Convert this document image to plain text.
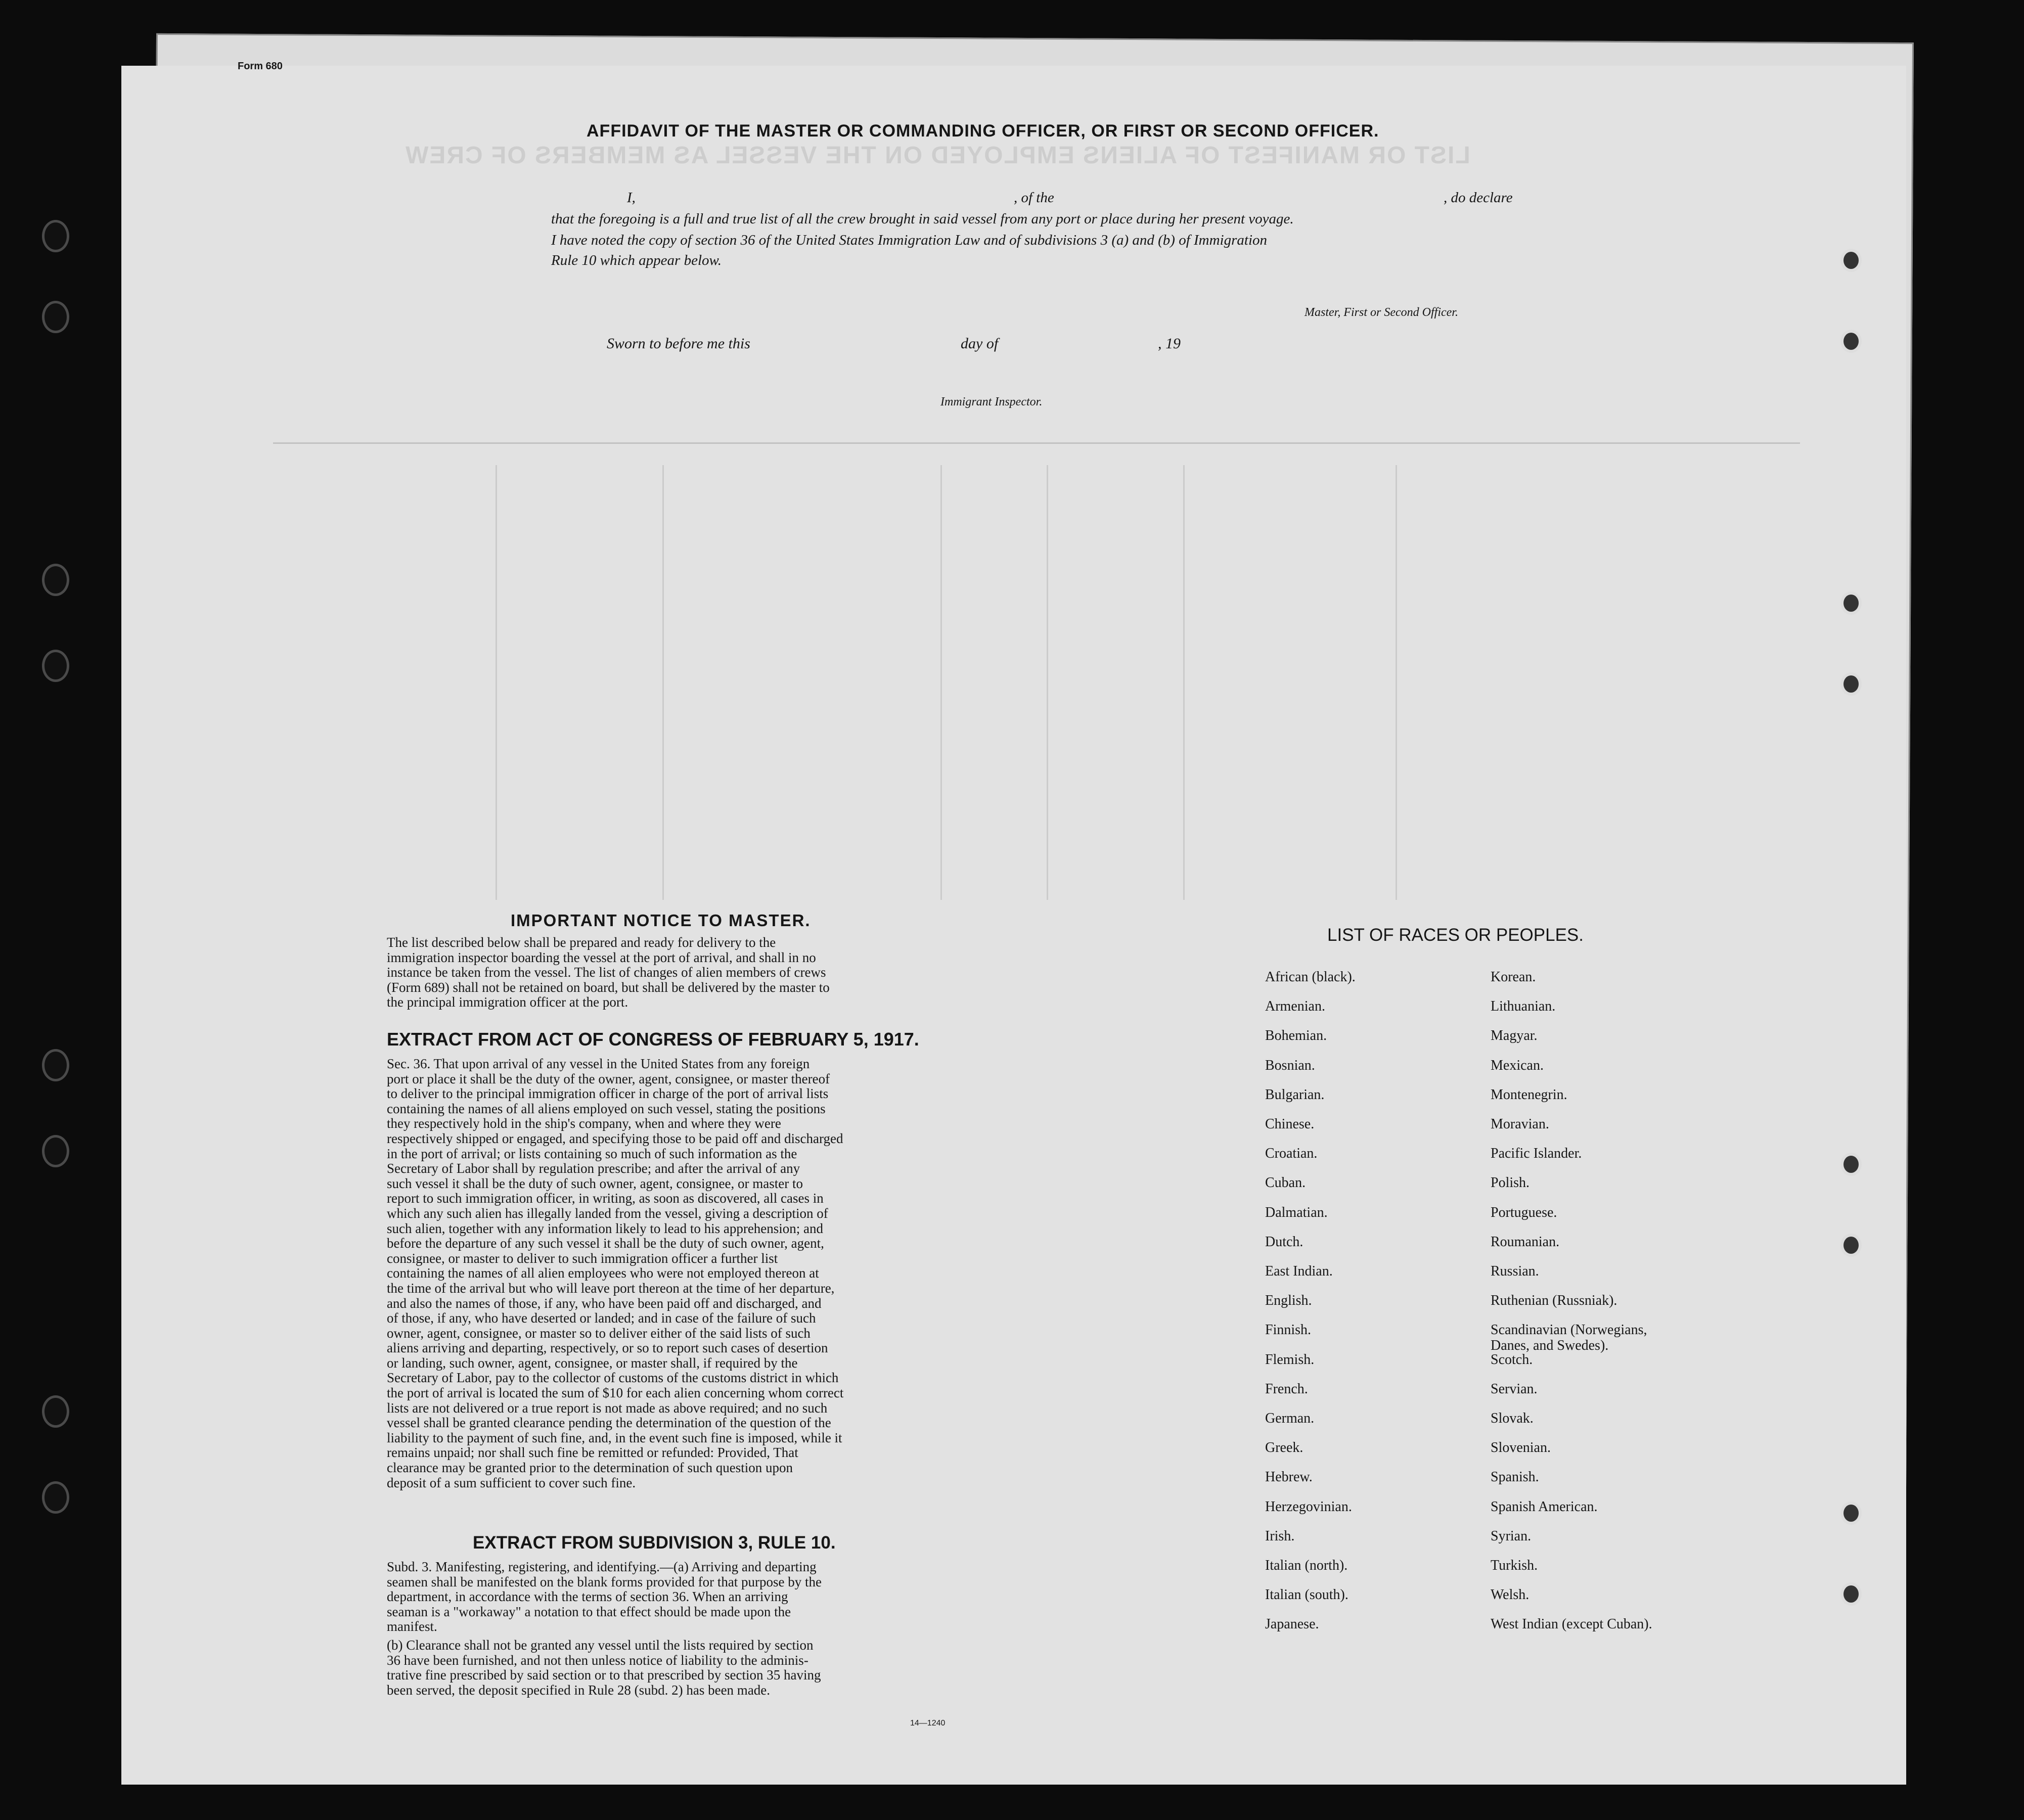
LIST OR MANIFEST OF ALIENS EMPLOYED ON THE VESSEL AS MEMBERS OF CREW
Form 680
AFFIDAVIT OF THE MASTER OR COMMANDING OFFICER, OR FIRST OR SECOND OFFICER.
I,	, of the	, do declare
that the foregoing is a full and true list of all the crew brought in said vessel from any port or place during her present voyage.
I have noted the copy of section 36 of the United States Immigration Law and of subdivisions 3 (a) and (b) of Immigration
Rule 10 which appear below.
Master, First or Second Officer.
Sworn to before me this	day of	, 19
Immigrant Inspector.
IMPORTANT NOTICE TO MASTER.
The list described below shall be prepared and ready for delivery to the
immigration inspector boarding the vessel at the port of arrival, and shall in no
instance be taken from the vessel. The list of changes of alien members of crews
(Form 689) shall not be retained on board, but shall be delivered by the master to
the principal immigration officer at the port.
EXTRACT FROM ACT OF CONGRESS OF FEBRUARY 5, 1917.
Sec. 36. That upon arrival of any vessel in the United States from any foreign
port or place it shall be the duty of the owner, agent, consignee, or master thereof
to deliver to the principal immigration officer in charge of the port of arrival lists
containing the names of all aliens employed on such vessel, stating the positions
they respectively hold in the ship's company, when and where they were
respectively shipped or engaged, and specifying those to be paid off and discharged
in the port of arrival; or lists containing so much of such information as the
Secretary of Labor shall by regulation prescribe; and after the arrival of any
such vessel it shall be the duty of such owner, agent, consignee, or master to
report to such immigration officer, in writing, as soon as discovered, all cases in
which any such alien has illegally landed from the vessel, giving a description of
such alien, together with any information likely to lead to his apprehension; and
before the departure of any such vessel it shall be the duty of such owner, agent,
consignee, or master to deliver to such immigration officer a further list
containing the names of all alien employees who were not employed thereon at
the time of the arrival but who will leave port thereon at the time of her departure,
and also the names of those, if any, who have been paid off and discharged, and
of those, if any, who have deserted or landed; and in case of the failure of such
owner, agent, consignee, or master so to deliver either of the said lists of such
aliens arriving and departing, respectively, or so to report such cases of desertion
or landing, such owner, agent, consignee, or master shall, if required by the
Secretary of Labor, pay to the collector of customs of the customs district in which
the port of arrival is located the sum of $10 for each alien concerning whom correct
lists are not delivered or a true report is not made as above required; and no such
vessel shall be granted clearance pending the determination of the question of the
liability to the payment of such fine, and, in the event such fine is imposed, while it
remains unpaid; nor shall such fine be remitted or refunded: Provided, That
clearance may be granted prior to the determination of such question upon
deposit of a sum sufficient to cover such fine.
EXTRACT FROM SUBDIVISION 3, RULE 10.
Subd. 3. Manifesting, registering, and identifying.—(a) Arriving and departing
seamen shall be manifested on the blank forms provided for that purpose by the
department, in accordance with the terms of section 36. When an arriving
seaman is a "workaway" a notation to that effect should be made upon the
manifest.
(b) Clearance shall not be granted any vessel until the lists required by section
36 have been furnished, and not then unless notice of liability to the adminis-
trative fine prescribed by said section or to that prescribed by section 35 having
been served, the deposit specified in Rule 28 (subd. 2) has been made.
14—1240
LIST OF RACES OR PEOPLES.
African (black).
Armenian.
Bohemian.
Bosnian.
Bulgarian.
Chinese.
Croatian.
Cuban.
Dalmatian.
Dutch.
East Indian.
English.
Finnish.
Flemish.
French.
German.
Greek.
Hebrew.
Herzegovinian.
Irish.
Italian (north).
Italian (south).
Japanese.
Korean.
Lithuanian.
Magyar.
Mexican.
Montenegrin.
Moravian.
Pacific Islander.
Polish.
Portuguese.
Roumanian.
Russian.
Ruthenian (Russniak).
Scandinavian (Norwegians,
Danes, and Swedes).
Scotch.
Servian.
Slovak.
Slovenian.
Spanish.
Spanish American.
Syrian.
Turkish.
Welsh.
West Indian (except Cuban).
